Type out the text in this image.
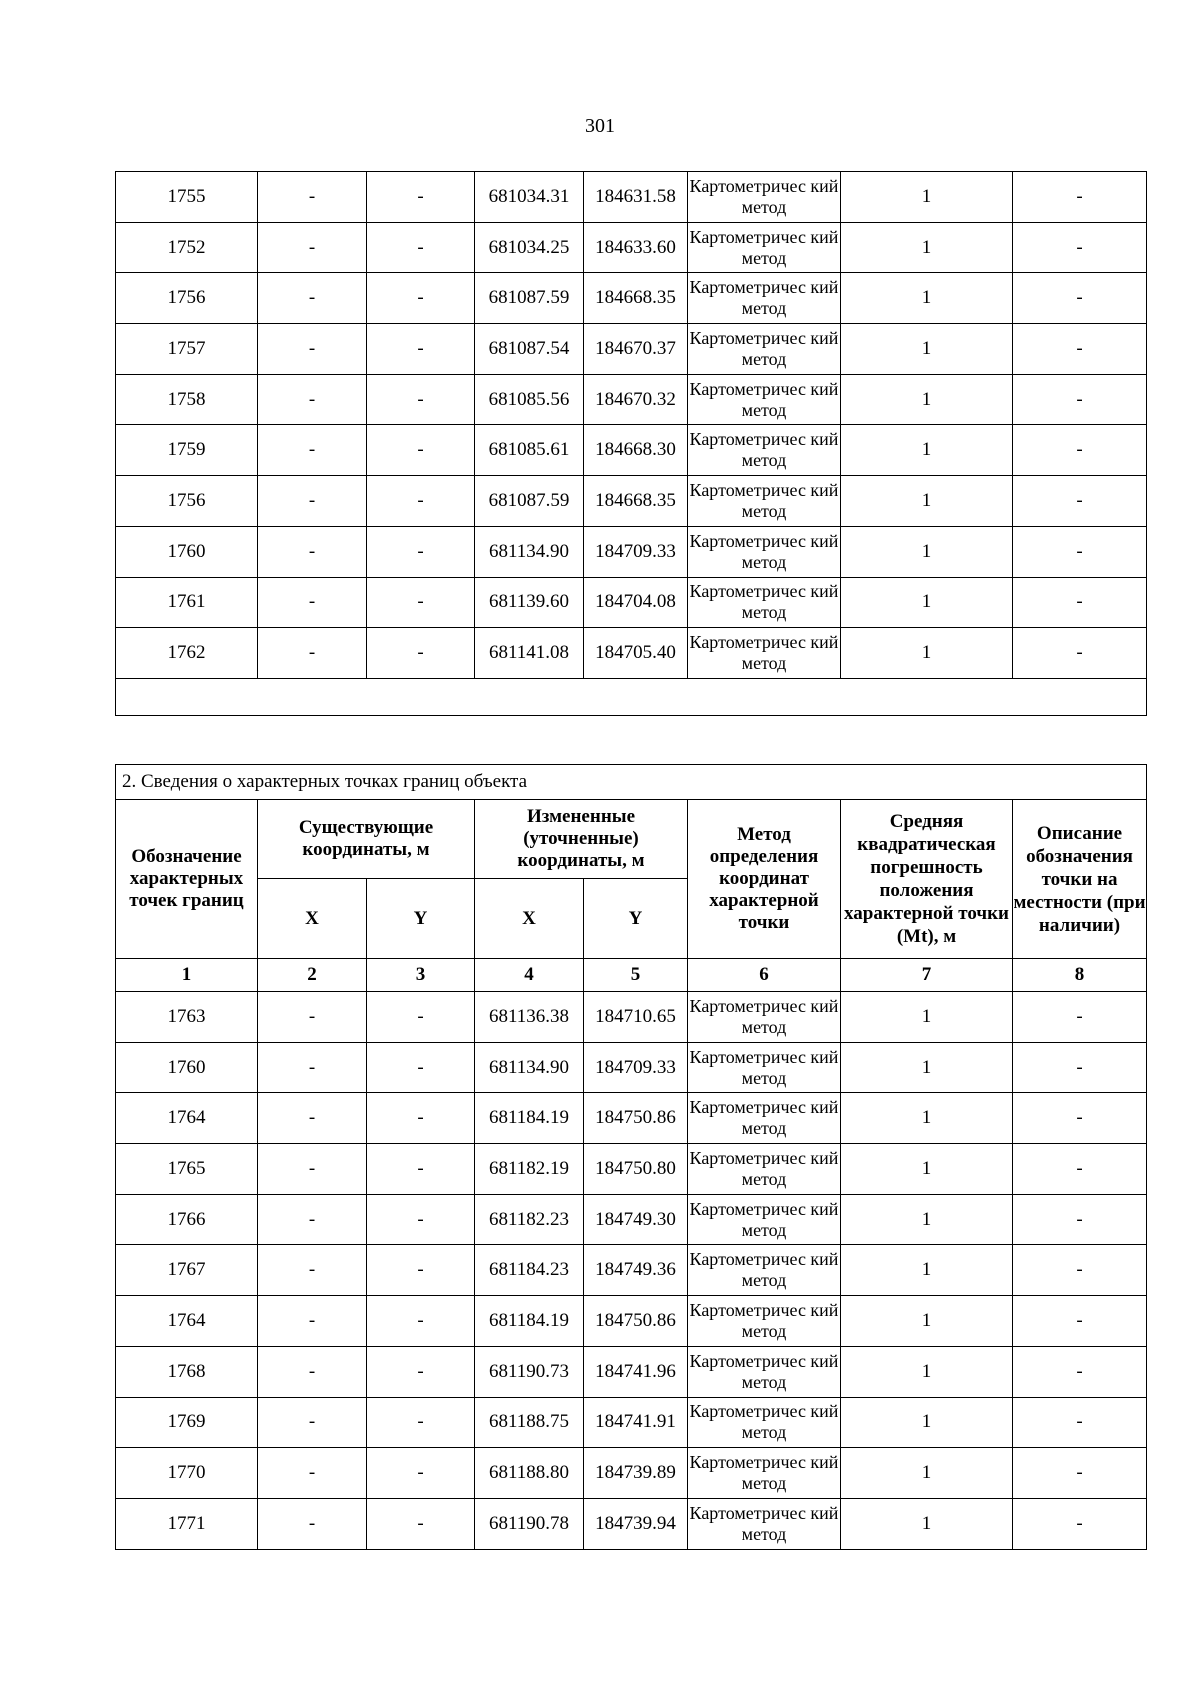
301
1755	-	-	681034.31	184631.58	Картометричес кий метод	1	-
1752	-	-	681034.25	184633.60	Картометричес кий метод	1	-
1756	-	-	681087.59	184668.35	Картометричес кий метод	1	-
1757	-	-	681087.54	184670.37	Картометричес кий метод	1	-
1758	-	-	681085.56	184670.32	Картометричес кий метод	1	-
1759	-	-	681085.61	184668.30	Картометричес кий метод	1	-
1756	-	-	681087.59	184668.35	Картометричес кий метод	1	-
1760	-	-	681134.90	184709.33	Картометричес кий метод	1	-
1761	-	-	681139.60	184704.08	Картометричес кий метод	1	-
1762	-	-	681141.08	184705.40	Картометричес кий метод	1	-

2. Сведения о характерных точках границ объекта							
Обозначение характерных точек границ	Существующие координаты, м		Измененные (уточненные) координаты, м		Метод определения координат характерной точки	Средняя квадратическая погрешность положения характерной точки (Mt), м	Описание обозначения точки на местности (при наличии)
	X	Y	X	Y			
1	2	3	4	5	6	7	8
1763	-	-	681136.38	184710.65	Картометричес кий метод	1	-
1760	-	-	681134.90	184709.33	Картометричес кий метод	1	-
1764	-	-	681184.19	184750.86	Картометричес кий метод	1	-
1765	-	-	681182.19	184750.80	Картометричес кий метод	1	-
1766	-	-	681182.23	184749.30	Картометричес кий метод	1	-
1767	-	-	681184.23	184749.36	Картометричес кий метод	1	-
1764	-	-	681184.19	184750.86	Картометричес кий метод	1	-
1768	-	-	681190.73	184741.96	Картометричес кий метод	1	-
1769	-	-	681188.75	184741.91	Картометричес кий метод	1	-
1770	-	-	681188.80	184739.89	Картометричес кий метод	1	-
1771	-	-	681190.78	184739.94	Картометричес кий метод	1	-
